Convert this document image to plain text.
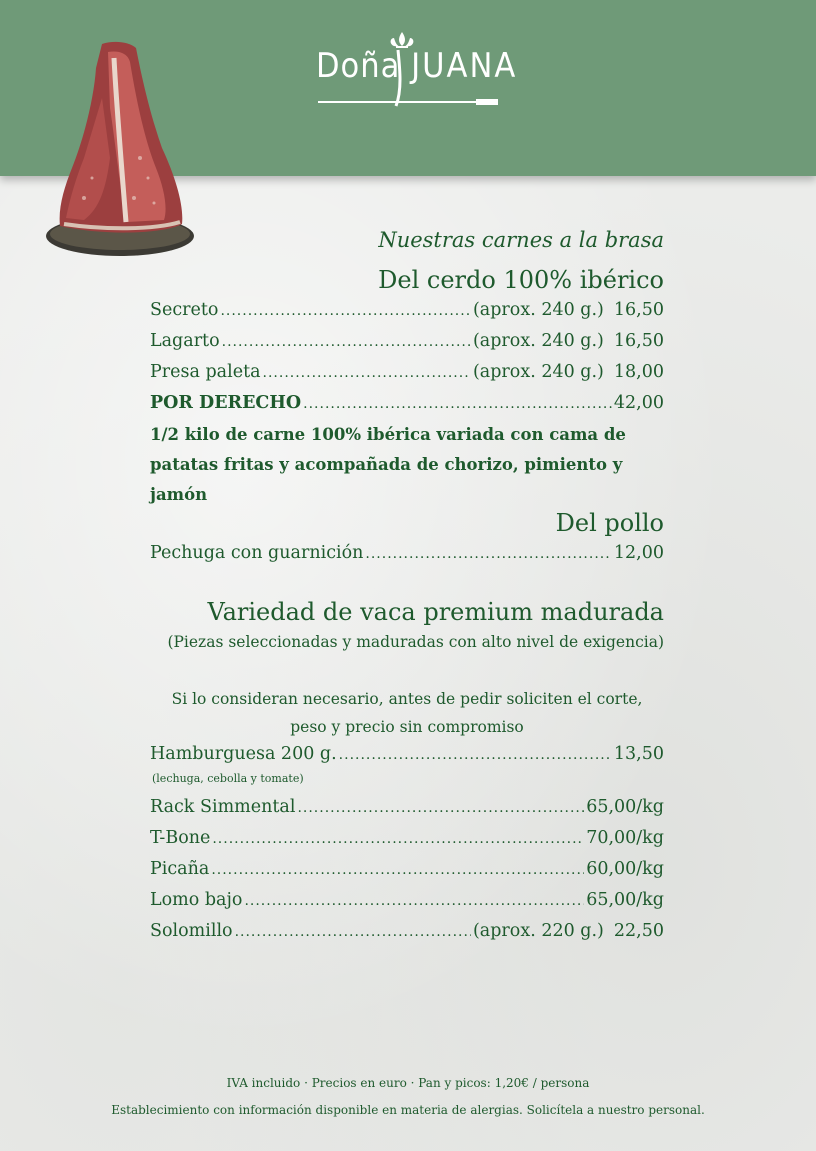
Doña JUANA
Nuestras carnes a la brasa
Del cerdo 100% ibérico
Secreto .....	(aprox. 240 g.) 16,50
Lagarto .....	(aprox. 240 g.) 16,50
Presa paleta .....	(aprox. 240 g.) 18,00
POR DERECHO .....	42,00
1/2 kilo de carne 100% ibérica variada con cama de patatas fritas y acompañada de chorizo, pimiento y jamón
Del pollo
Pechuga con guarnición .....	12,00
Variedad de vaca premium madurada
(Piezas seleccionadas y maduradas con alto nivel de exigencia)
Si lo consideran necesario, antes de pedir soliciten el corte,
peso y precio sin compromiso
Hamburguesa 200 g. .....	13,50
(lechuga, cebolla y tomate)
Rack Simmental .....	65,00/kg
T-Bone .....	70,00/kg
Picaña .....	60,00/kg
Lomo bajo .....	65,00/kg
Solomillo .....	(aprox. 220 g.) 22,50
IVA incluido · Precios en euro · Pan y picos: 1,20€ / persona
Establecimiento con información disponible en materia de alergias. Solicítela a nuestro personal.
